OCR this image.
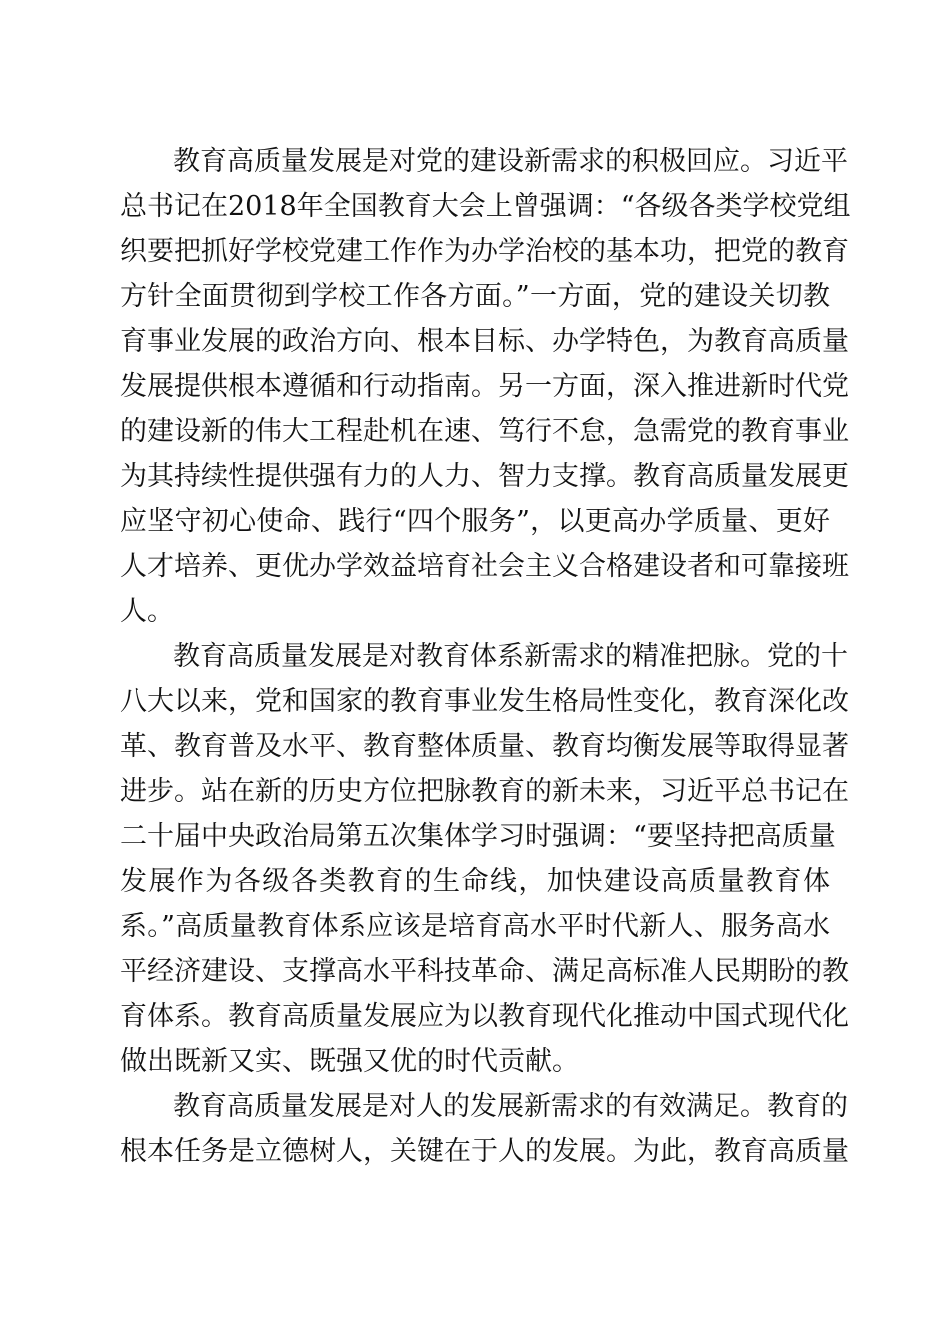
教育高质量发展是对党的建设新需求的积极回应。习近平
总书记在2018年全国教育大会上曾强调：“各级各类学校党组
织要把抓好学校党建工作作为办学治校的基本功，把党的教育
方针全面贯彻到学校工作各方面。”一方面，党的建设关切教
育事业发展的政治方向、根本目标、办学特色，为教育高质量
发展提供根本遵循和行动指南。另一方面，深入推进新时代党
的建设新的伟大工程赴机在速、笃行不怠，急需党的教育事业
为其持续性提供强有力的人力、智力支撑。教育高质量发展更
应坚守初心使命、践行“四个服务”，以更高办学质量、更好
人才培养、更优办学效益培育社会主义合格建设者和可靠接班
人。
教育高质量发展是对教育体系新需求的精准把脉。党的十
八大以来，党和国家的教育事业发生格局性变化，教育深化改
革、教育普及水平、教育整体质量、教育均衡发展等取得显著
进步。站在新的历史方位把脉教育的新未来，习近平总书记在
二十届中央政治局第五次集体学习时强调：“要坚持把高质量
发展作为各级各类教育的生命线，加快建设高质量教育体
系。”高质量教育体系应该是培育高水平时代新人、服务高水
平经济建设、支撑高水平科技革命、满足高标准人民期盼的教
育体系。教育高质量发展应为以教育现代化推动中国式现代化
做出既新又实、既强又优的时代贡献。
教育高质量发展是对人的发展新需求的有效满足。教育的
根本任务是立德树人，关键在于人的发展。为此，教育高质量
